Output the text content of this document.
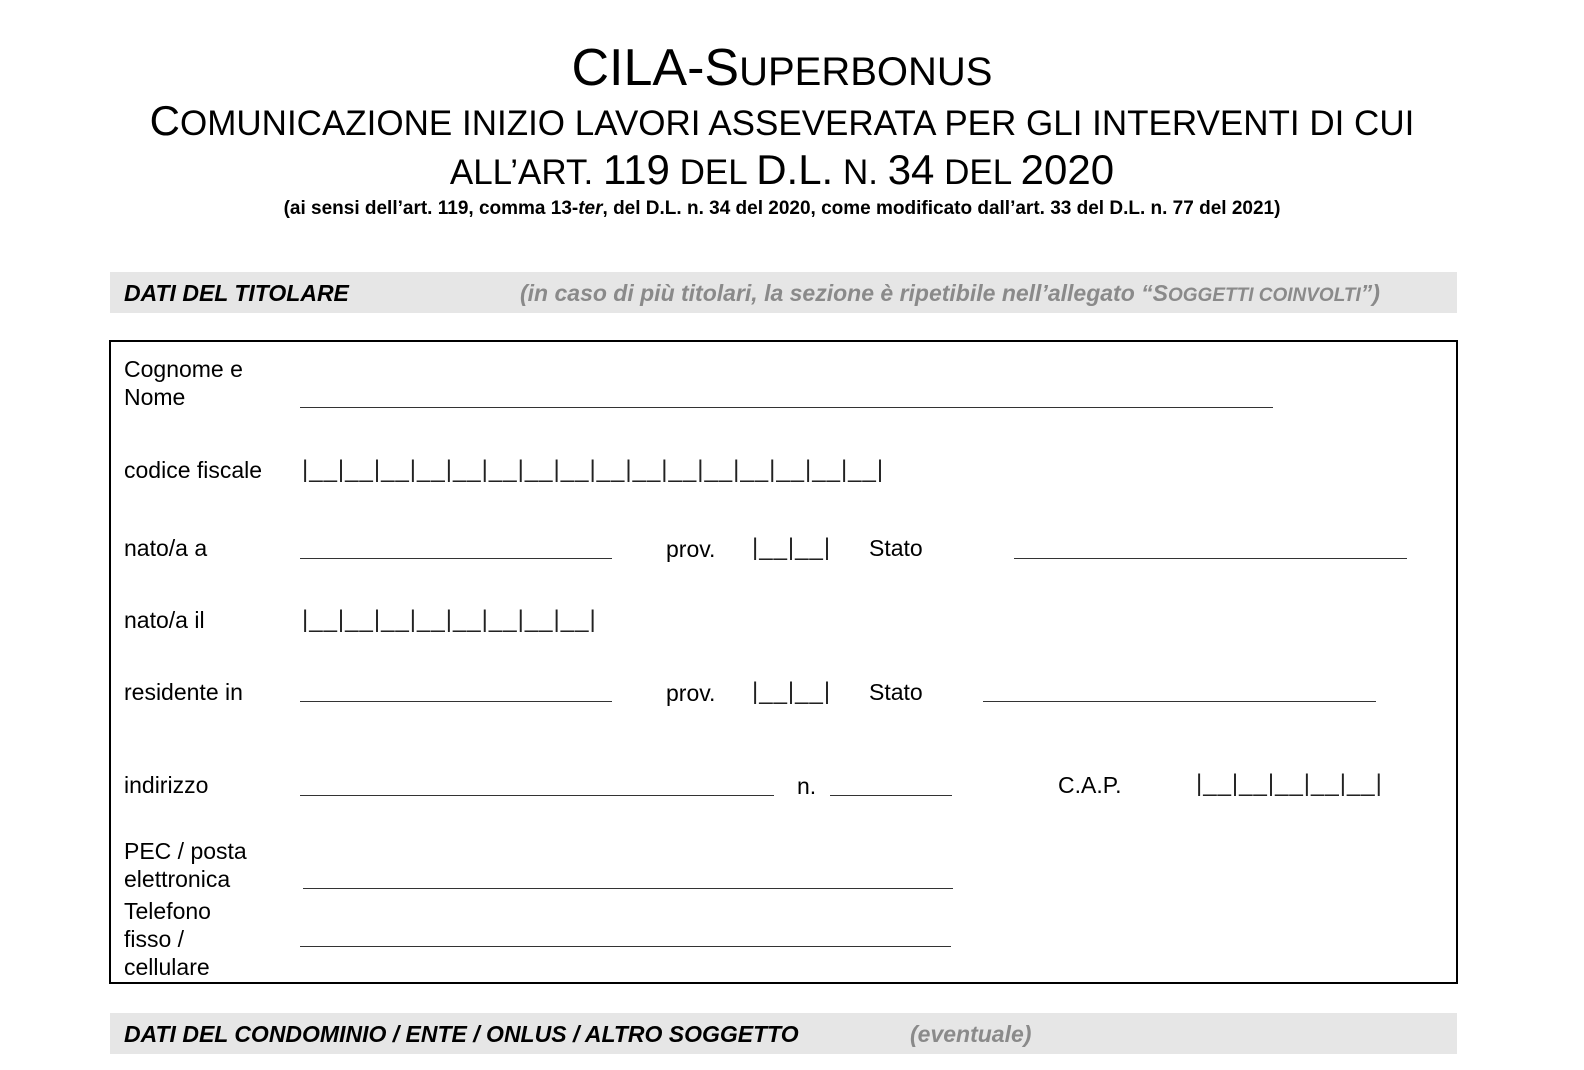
CILA-SUPERBONUS
COMUNICAZIONE INIZIO LAVORI ASSEVERATA PER GLI INTERVENTI DI CUI
ALL’ART. 119 DEL D.L. N. 34 DEL 2020
(ai sensi dell’art. 119, comma 13-ter, del D.L. n. 34 del 2020, come modificato dall’art. 33 del D.L. n. 77 del 2021)
DATI DEL TITOLARE	(in caso di più titolari, la sezione è ripetibile nell’allegato “SOGGETTI COINVOLTI”)
Cognome e
Nome
codice fiscale |__|__|__|__|__|__|__|__|__|__|__|__|__|__|__|__|
nato/a a	prov. |__|__| Stato
nato/a il	|__|__|__|__|__|__|__|__|
residente in	prov. |__|__| Stato
indirizzo	n.	C.A.P.	|__|__|__|__|__|
PEC / posta
elettronica
Telefono
fisso /
cellulare
DATI DEL CONDOMINIO / ENTE / ONLUS / ALTRO SOGGETTO	(eventuale)
